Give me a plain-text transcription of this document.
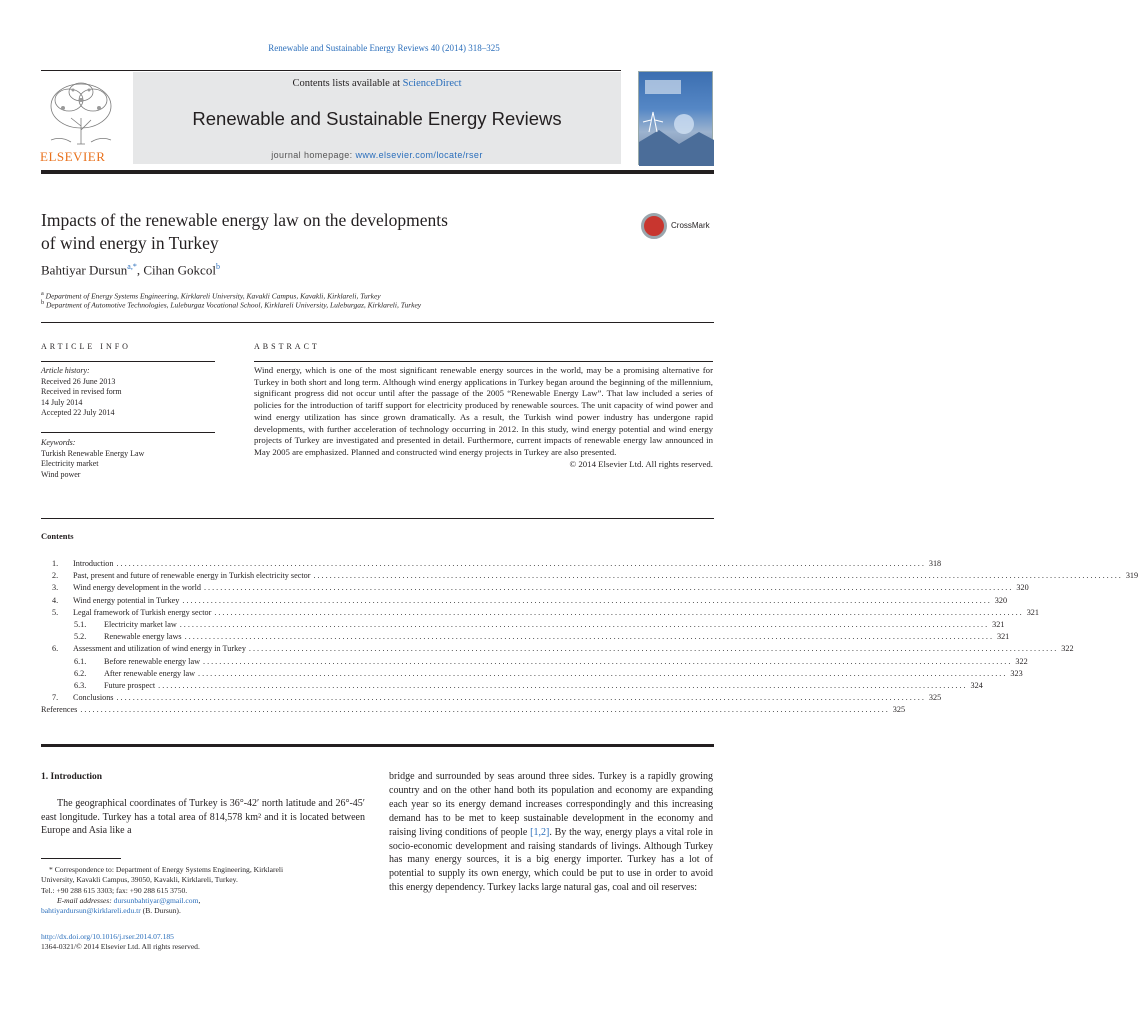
Renewable and Sustainable Energy Reviews 40 (2014) 318–325
ELSEVIER
Contents lists available at ScienceDirect
Renewable and Sustainable Energy Reviews
journal homepage: www.elsevier.com/locate/rser
Impacts of the renewable energy law on the developments
of wind energy in Turkey
CrossMark
Bahtiyar Dursun$^{a,*}$, Cihan Gokcol$^b$
$^a$ Department of Energy Systems Engineering, Kirklareli University, Kavakli Campus, Kavakli, Kirklareli, Turkey
$^b$ Department of Automotive Technologies, Luleburgaz Vocational School, Kirklareli University, Luleburgaz, Kirklareli, Turkey
ARTICLE INFO	ABSTRACT
Article history:
Received 26 June 2013
Received in revised form
14 July 2014
Accepted 22 July 2014
Keywords:
Turkish Renewable Energy Law
Electricity market
Wind power

Wind energy, which is one of the most significant renewable energy sources in the world, may be a promising alternative for Turkey in both short and long term. Although wind energy applications in Turkey began around the beginning of the millennium, significant progress did not occur until after the passage of the 2005 “Renewable Energy Law”. That law included a series of policies for the introduction of tariff support for electricity produced by renewable sources. The unit capacity of wind power and wind energy utilization has since grown dramatically. As a result, the Turkish wind power industry has undergone rapid developments, with further acceleration of technology occurring in 2012. In this study, wind energy potential and wind energy projects of Turkey are investigated and presented in detail. Furthermore, current impacts of renewable energy law announced in May 2005 are emphasized. Planned and constructed wind energy projects in Turkey are also presented.

© 2014 Elsevier Ltd. All rights reserved.

Contents
1.	Introduction ........................................................................................................................................................................................................ 318
2.	Past, present and future of renewable energy in Turkish electricity sector ........................................................................................................................................................................................................ 319
3.	Wind energy development in the world ........................................................................................................................................................................................................ 320
4.	Wind energy potential in Turkey ........................................................................................................................................................................................................ 320
5.	Legal framework of Turkish energy sector ........................................................................................................................................................................................................ 321
5.1.	Electricity market law ........................................................................................................................................................................................................ 321
5.2.	Renewable energy laws ........................................................................................................................................................................................................ 321
6.	Assessment and utilization of wind energy in Turkey ........................................................................................................................................................................................................ 322
6.1.	Before renewable energy law ........................................................................................................................................................................................................ 322
6.2.	After renewable energy law ........................................................................................................................................................................................................ 323
6.3.	Future prospect ........................................................................................................................................................................................................ 324
7.	Conclusions ........................................................................................................................................................................................................ 325
References ........................................................................................................................................................................................................ 325
1. Introduction

The geographical coordinates of Turkey is 36°-42′ north latitude and 26°-45′ east longitude. Turkey has a total area of 814,578 km² and it is located between Europe and Asia like a

bridge and surrounded by seas around three sides. Turkey is a rapidly growing country and on the other hand both its population and economy are expanding each year so its energy demand increases correspondingly and this increasing demand has to be met to keep sustainable development in the economy and raising living conditions of people [1,2]. By the way, energy plays a vital role in socio-economic development and raising standards of livings. Although Turkey has many energy sources, it is a big energy importer. Turkey has a lot of potential to supply its own energy, which could be put to use in order to avoid this energy dependency. Turkey lacks large natural gas, coal and oil reserves:

* Correspondence to: Department of Energy Systems Engineering, Kirklareli
University, Kavakli Campus, 39050, Kavakli, Kirklareli, Turkey.
Tel.: +90 288 615 3303; fax: +90 288 615 3750.
E-mail addresses: dursunbahtiyar@gmail.com,
bahtiyardursun@kirklareli.edu.tr (B. Dursun).
http://dx.doi.org/10.1016/j.rser.2014.07.185
1364-0321/© 2014 Elsevier Ltd. All rights reserved.
